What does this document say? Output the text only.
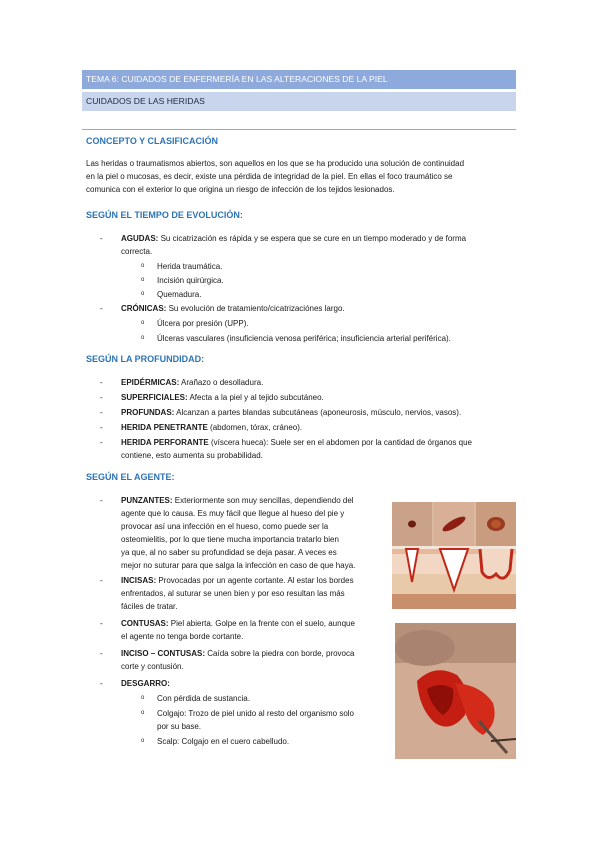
TEMA 6: CUIDADOS DE ENFERMERÍA EN LAS ALTERACIONES DE LA PIEL
CUIDADOS DE LAS HERIDAS
CONCEPTO Y CLASIFICACIÓN
Las heridas o traumatismos abiertos, son aquellos en los que se ha producido una solución de continuidad
en la piel o mucosas, es decir, existe una pérdida de integridad de la piel. En ellas el foco traumático se
comunica con el exterior lo que origina un riesgo de infección de los tejidos lesionados.
SEGÚN EL TIEMPO DE EVOLUCIÓN:
- AGUDAS: Su cicatrización es rápida y se espera que se cure en un tiempo moderado y de forma
correcta.
o Herida traumática.
o Incisión quirúrgica.
o Quemadura.
- CRÓNICAS: Su evolución de tratamiento/cicatrizaciónes largo.
o Úlcera por presión (UPP).
o Úlceras vasculares (insuficiencia venosa periférica; insuficiencia arterial periférica).
SEGÚN LA PROFUNDIDAD:
- EPIDÉRMICAS: Arañazo o desolladura.
- SUPERFICIALES: Afecta a la piel y al tejido subcutáneo.
- PROFUNDAS: Alcanzan a partes blandas subcutáneas (aponeurosis, músculo, nervios, vasos).
- HERIDA PENETRANTE (abdomen, tórax, cráneo).
- HERIDA PERFORANTE (víscera hueca): Suele ser en el abdomen por la cantidad de órganos que
contiene, esto aumenta su probabilidad.
SEGÚN EL AGENTE:
- PUNZANTES: Exteriormente son muy sencillas, dependiendo del
agente que lo causa. Es muy fácil que llegue al hueso del pie y
provocar así una infección en el hueso, como puede ser la
osteomielitis, por lo que tiene mucha importancia tratarlo bien
ya que, al no saber su profundidad se deja pasar. A veces es
mejor no suturar para que salga la infección en caso de que haya.
- INCISAS: Provocadas por un agente cortante. Al estar los bordes
enfrentados, al suturar se unen bien y por eso resultan las más
fáciles de tratar.
- CONTUSAS: Piel abierta. Golpe en la frente con el suelo, aunque
el agente no tenga borde cortante.
- INCISO – CONTUSAS: Caída sobre la piedra con borde, provoca
corte y contusión.
- DESGARRO:
o Con pérdida de sustancia.
o Colgajo: Trozo de piel unido al resto del organismo solo
por su base.
o Scalp: Colgajo en el cuero cabelludo.
